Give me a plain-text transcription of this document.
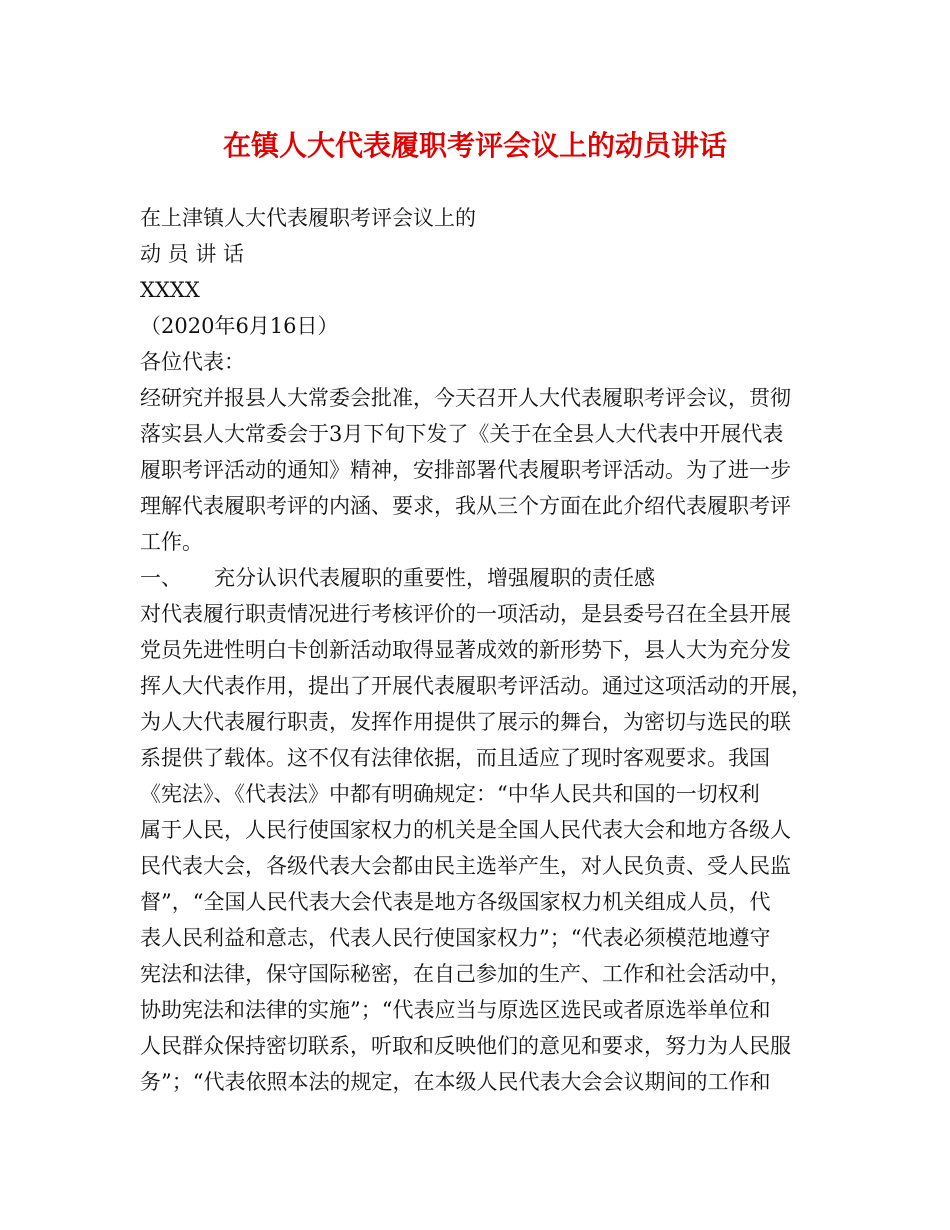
在镇人大代表履职考评会议上的动员讲话
在上津镇人大代表履职考评会议上的
动 员 讲 话
XXXX
（2020年6月16日）
各位代表：
经研究并报县人大常委会批准，今天召开人大代表履职考评会议，贯彻
落实县人大常委会于3月下旬下发了《关于在全县人大代表中开展代表
履职考评活动的通知》精神，安排部署代表履职考评活动。为了进一步
理解代表履职考评的内涵、要求，我从三个方面在此介绍代表履职考评
工作。
一、 充分认识代表履职的重要性，增强履职的责任感
对代表履行职责情况进行考核评价的一项活动，是县委号召在全县开展
党员先进性明白卡创新活动取得显著成效的新形势下，县人大为充分发
挥人大代表作用，提出了开展代表履职考评活动。通过这项活动的开展，
为人大代表履行职责，发挥作用提供了展示的舞台，为密切与选民的联
系提供了载体。这不仅有法律依据，而且适应了现时客观要求。我国
《宪法》、《代表法》中都有明确规定：“中华人民共和国的一切权利
属于人民，人民行使国家权力的机关是全国人民代表大会和地方各级人
民代表大会，各级代表大会都由民主选举产生，对人民负责、受人民监
督”，“全国人民代表大会代表是地方各级国家权力机关组成人员，代
表人民利益和意志，代表人民行使国家权力”；“代表必须模范地遵守
宪法和法律，保守国际秘密，在自己参加的生产、工作和社会活动中，
协助宪法和法律的实施”；“代表应当与原选区选民或者原选举单位和
人民群众保持密切联系，听取和反映他们的意见和要求，努力为人民服
务”；“代表依照本法的规定，在本级人民代表大会会议期间的工作和
